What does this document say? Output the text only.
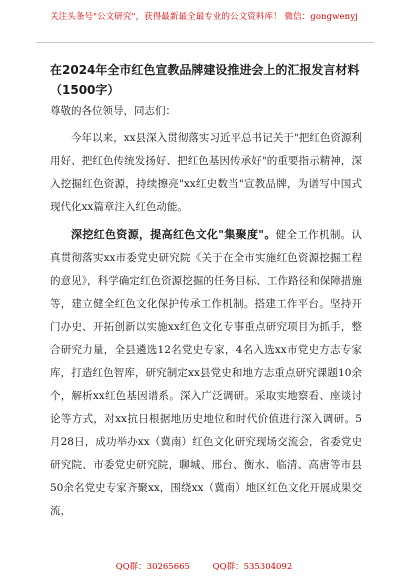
关注头条号"公文研究"，获得最新最全最专业的公文资料库！ 微信：gongwenyj
在2024年全市红色宣教品牌建设推进会上的汇报发言材料
（1500字）

尊敬的各位领导，同志们：

今年以来，xx县深入贯彻落实习近平总书记关于"把红色资源利用好、把红色传统发扬好、把红色基因传承好"的重要指示精神，深入挖掘红色资源，持续擦亮"xx红史数当"宣教品牌，为谱写中国式现代化xx篇章注入红色动能。

深挖红色资源，提高红色文化"集聚度"。健全工作机制。认真贯彻落实xx市委党史研究院《关于在全市实施红色资源挖掘工程的意见》，科学确定红色资源挖掘的任务目标、工作路径和保障措施等，建立健全红色文化保护传承工作机制。搭建工作平台。坚持开门办史、开拓创新以实施xx红色文化专事重点研究项目为抓手，整合研究力量，全县遴选12名党史专家，4名入选xx市党史方志专家库，打造红色智库，研究制定xx县党史和地方志重点研究课题10余个，解析xx红色基因谱系。深入广泛调研。采取实地察看、座谈讨论等方式，对xx抗日根据地历史地位和时代价值进行深入调研。5月28日，成功举办xx（冀南）红色文化研究现场交流会，省委党史研究院、市委党史研究院，聊城、邢台、衡水、临清、高唐等市县50余名党史专家齐聚xx，围绕xx（冀南）地区红色文化开展成果交流，

QQ群：30265665	QQ群：535304092
